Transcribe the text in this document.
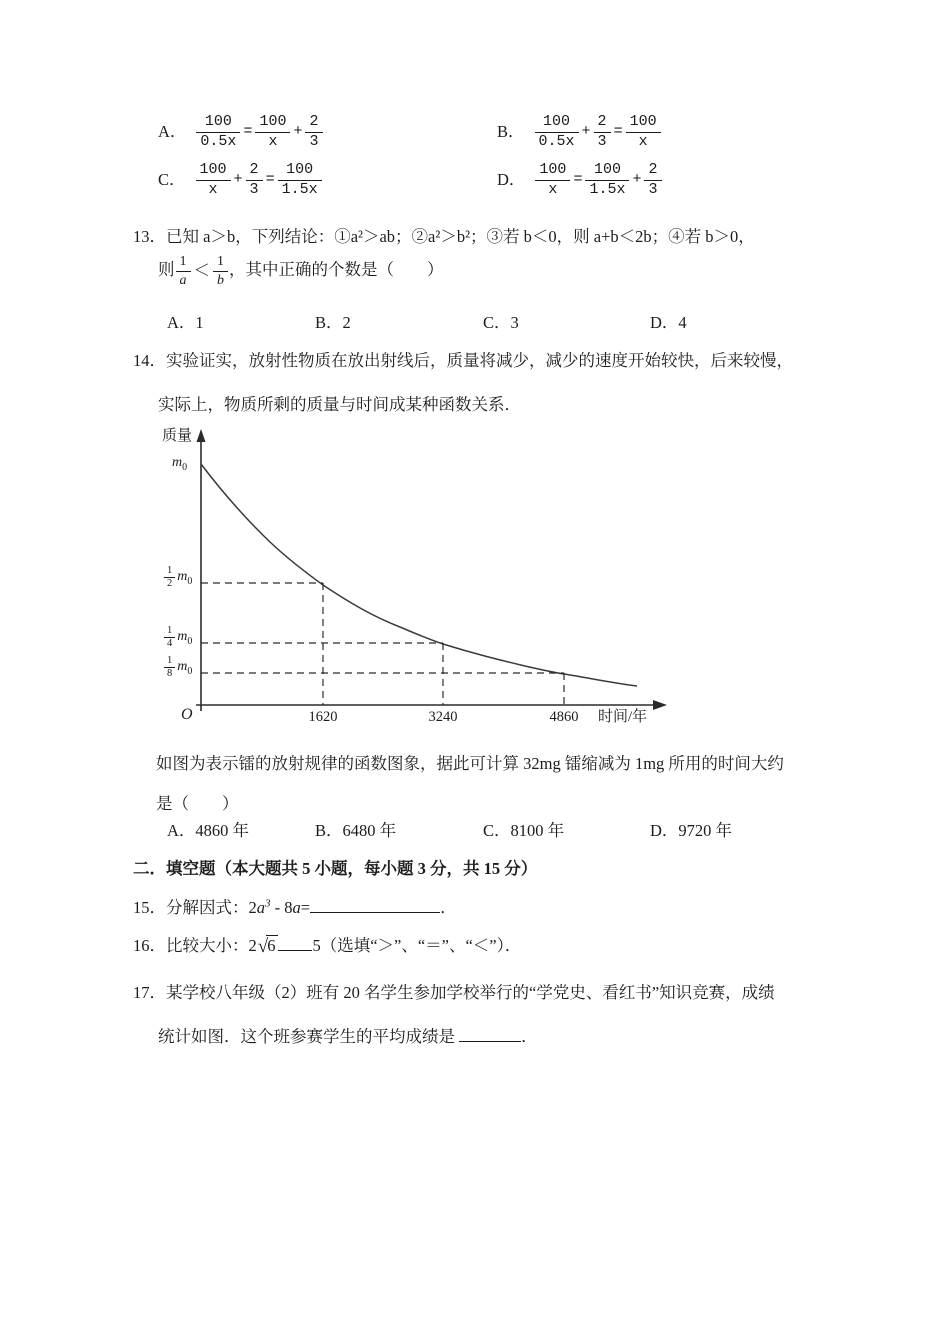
A． $\frac{100}{0.5x} = \frac{100}{x} + \frac{2}{3}$	B． $\frac{100}{0.5x} + \frac{2}{3} = \frac{100}{x}$
C． $\frac{100}{x} + \frac{2}{3} = \frac{100}{1.5x}$	D． $\frac{100}{x} = \frac{100}{1.5x} + \frac{2}{3}$
13．已知 a＞b，下列结论：①a²＞ab；②a²＞b²；③若 b＜0，则 a+b＜2b；④若 b＞0，
则 $\frac{1}{a} < \frac{1}{b}$ ，其中正确的个数是（　　）
A．1	B．2	C．3	D．4
14．实验证实，放射性物质在放出射线后，质量将减少，减少的速度开始较快，后来较慢，
实际上，物质所剩的质量与时间成某种函数关系．
质量
$m_0$
$\frac{1}{2} m_0$
$\frac{1}{4} m_0$
$\frac{1}{8} m_0$
O	1620	3240	4860	时间/年
如图为表示镭的放射规律的函数图象，据此可计算 32mg 镭缩减为 1mg 所用的时间大约
是（　　）
A．4860 年	B．6480 年	C．8100 年	D．9720 年
二．填空题（本大题共 5 小题，每小题 3 分，共 15 分）
15．分解因式：$2a^3 - 8a=$	．
16．比较大小：2√6 5（选填“＞”、“＝”、“＜”）．
17．某学校八年级（2）班有 20 名学生参加学校举行的“学党史、看红书”知识竞赛，成绩
统计如图．这个班参赛学生的平均成绩是	．
